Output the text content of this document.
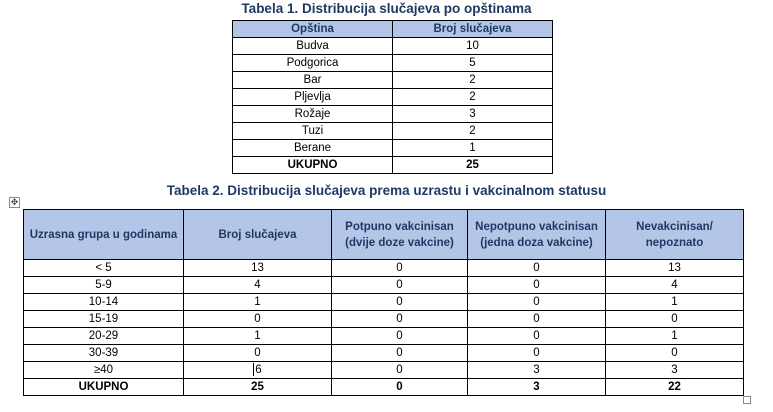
Tabela 1. Distribucija slučajeva po opštinama
Opština	Broj slučajeva
Budva	10
Podgorica	5
Bar	2
Pljevlja	2
Rožaje	3
Tuzi	2
Berane	1
UKUPNO	25
✥
Tabela 2. Distribucija slučajeva prema uzrastu i vakcinalnom statusu
Uzrasna grupa u godinama	Broj slučajeva	Potpuno vakcinisan (dvije doze vakcine)	Nepotpuno vakcinisan (jedna doza vakcine)	Nevakcinisan/ nepoznato
< 5	13	0	0	13
5-9	4	0	0	4
10-14	1	0	0	1
15-19	0	0	0	0
20-29	1	0	0	1
30-39	0	0	0	0
≥40	6	0	3	3
UKUPNO	25	0	3	22
